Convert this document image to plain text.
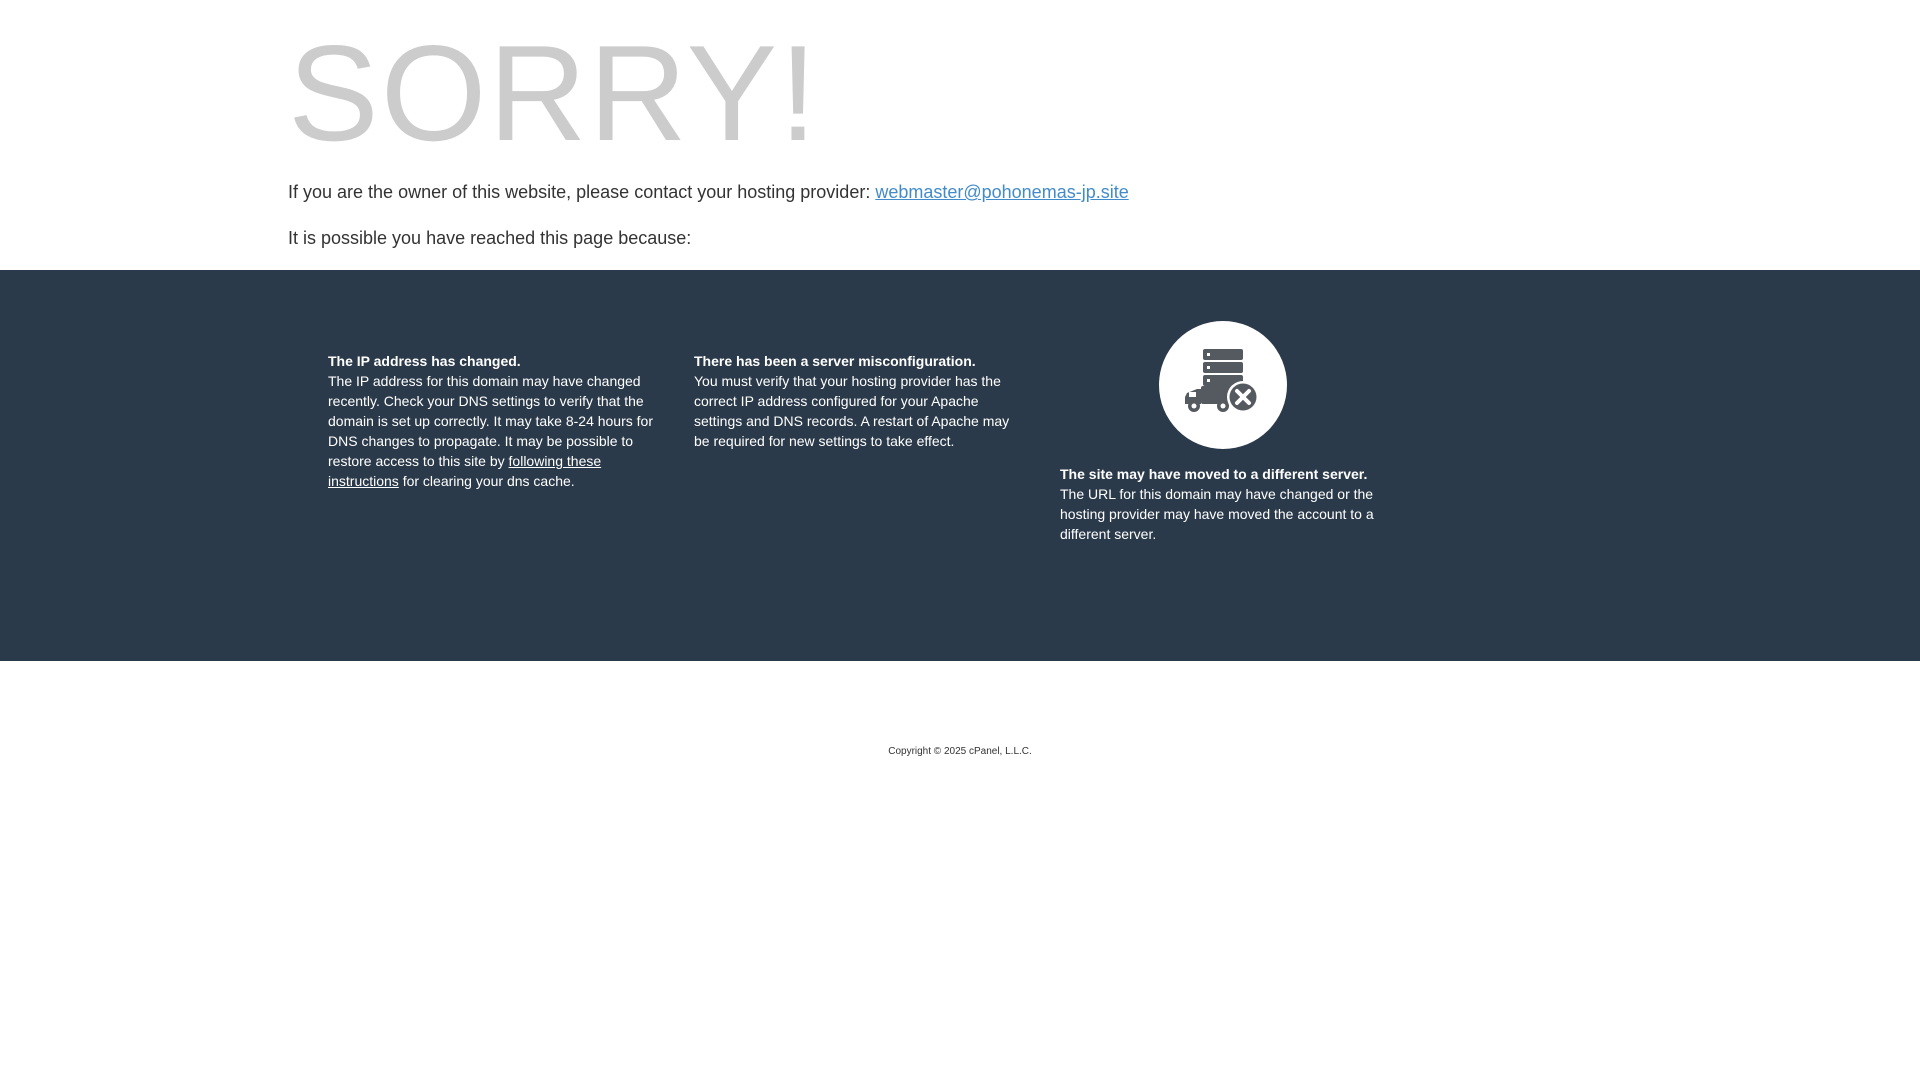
SORRY!

If you are the owner of this website, please contact your hosting provider: webmaster@pohonemas-jp.site

It is possible you have reached this page because:

The IP address has changed.

The IP address for this domain may have changed recently. Check your DNS settings to verify that the domain is set up correctly. It may take 8-24 hours for DNS changes to propagate. It may be possible to restore access to this site by following these instructions for clearing your dns cache.

There has been a server misconfiguration.

You must verify that your hosting provider has the correct IP address configured for your Apache settings and DNS records. A restart of Apache may be required for new settings to take effect.

The site may have moved to a different server.

The URL for this domain may have changed or the hosting provider may have moved the account to a different server.

Copyright © 2025 cPanel, L.L.C.
